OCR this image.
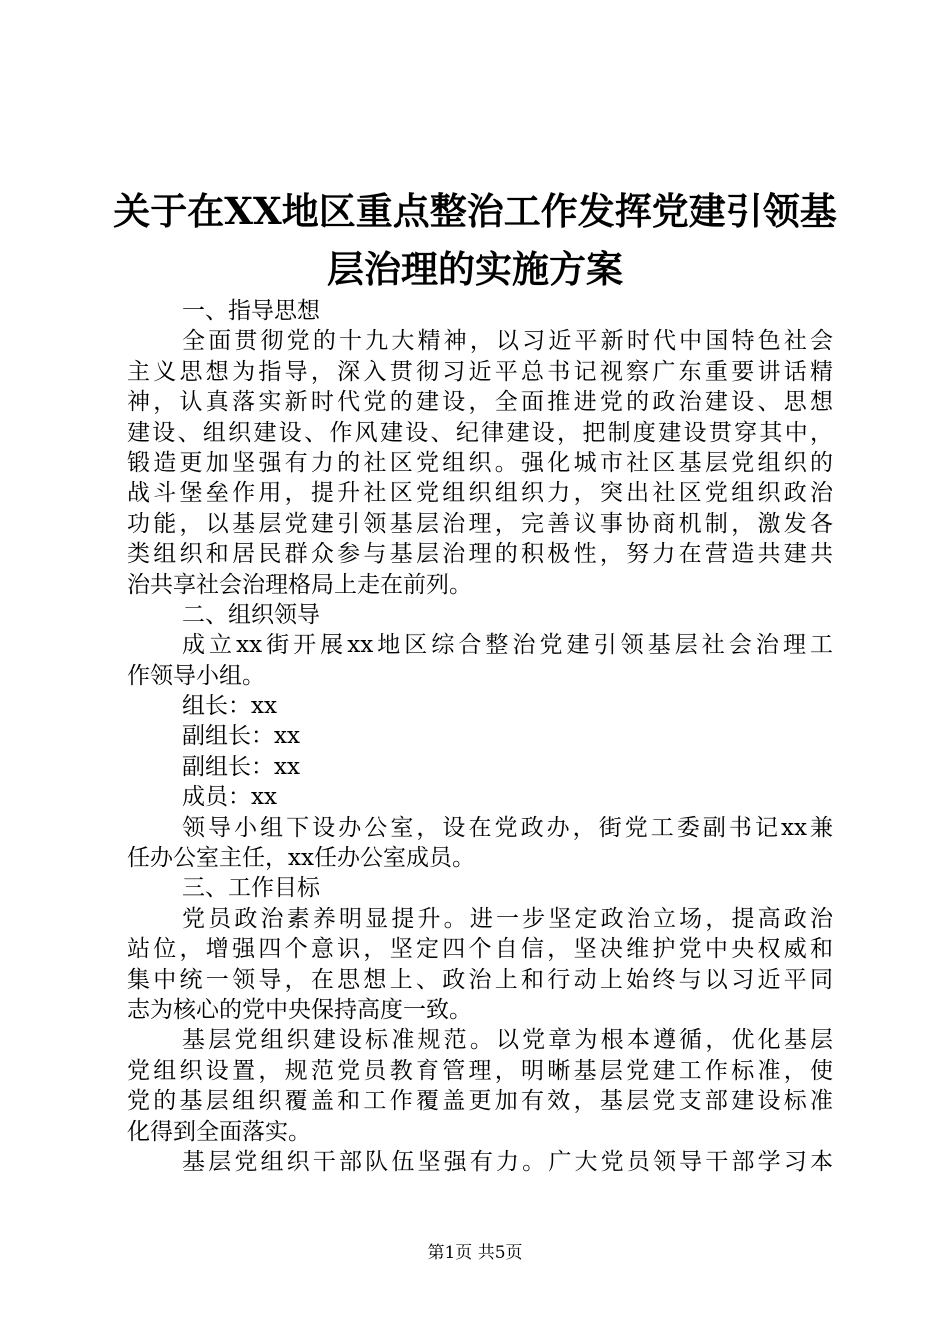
关于在XX地区重点整治工作发挥党建引领基
层治理的实施方案
一、指导思想
全面贯彻党的十九大精神，以习近平新时代中国特色社会
主义思想为指导，深入贯彻习近平总书记视察广东重要讲话精
神，认真落实新时代党的建设，全面推进党的政治建设、思想
建设、组织建设、作风建设、纪律建设，把制度建设贯穿其中，
锻造更加坚强有力的社区党组织。强化城市社区基层党组织的
战斗堡垒作用，提升社区党组织组织力，突出社区党组织政治
功能，以基层党建引领基层治理，完善议事协商机制，激发各
类组织和居民群众参与基层治理的积极性，努力在营造共建共
治共享社会治理格局上走在前列。
二、组织领导
成立xx街开展xx地区综合整治党建引领基层社会治理工
作领导小组。
组长：xx
副组长：xx
副组长：xx
成员：xx
领导小组下设办公室，设在党政办，街党工委副书记xx兼
任办公室主任，xx任办公室成员。
三、工作目标
党员政治素养明显提升。进一步坚定政治立场，提高政治
站位，增强四个意识，坚定四个自信，坚决维护党中央权威和
集中统一领导，在思想上、政治上和行动上始终与以习近平同
志为核心的党中央保持高度一致。
基层党组织建设标准规范。以党章为根本遵循，优化基层
党组织设置，规范党员教育管理，明晰基层党建工作标准，使
党的基层组织覆盖和工作覆盖更加有效，基层党支部建设标准
化得到全面落实。
基层党组织干部队伍坚强有力。广大党员领导干部学习本
第1页 共5页
